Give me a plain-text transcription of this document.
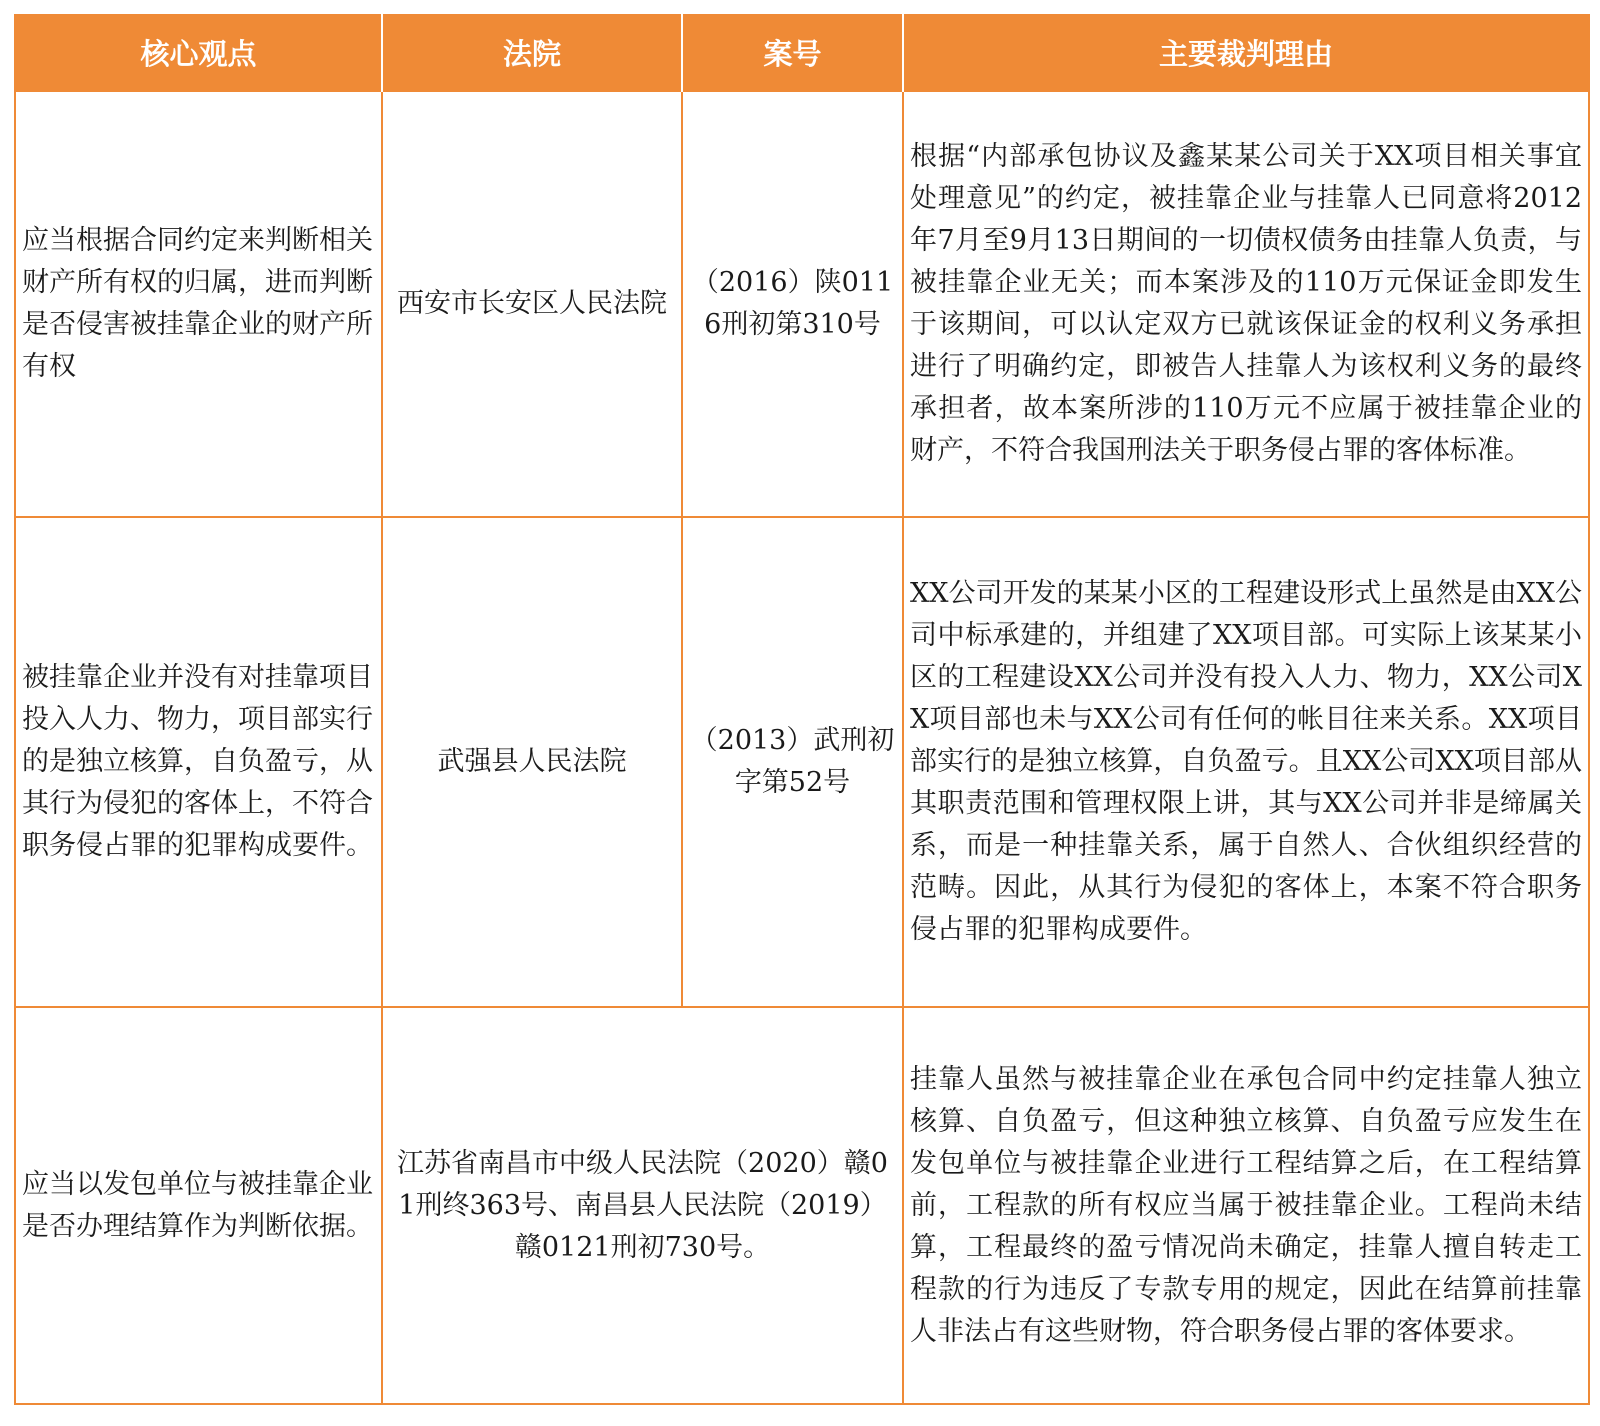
核心观点	法院	案号	主要裁判理由
应当根据合同约定来判断相关财产所有权的归属，进而判断是否侵害被挂靠企业的财产所有权	西安市长安区人民法院	（2016）陕0116刑初第310号	根据“内部承包协议及鑫某某公司关于XX项目相关事宜处理意见”的约定，被挂靠企业与挂靠人已同意将2012年7月至9月13日期间的一切债权债务由挂靠人负责，与被挂靠企业无关；而本案涉及的110万元保证金即发生于该期间，可以认定双方已就该保证金的权利义务承担进行了明确约定，即被告人挂靠人为该权利义务的最终承担者，故本案所涉的110万元不应属于被挂靠企业的财产，不符合我国刑法关于职务侵占罪的客体标准。
被挂靠企业并没有对挂靠项目投入人力、物力，项目部实行的是独立核算，自负盈亏，从其行为侵犯的客体上，不符合职务侵占罪的犯罪构成要件。	武强县人民法院	（2013）武刑初字第52号	XX公司开发的某某小区的工程建设形式上虽然是由XX公司中标承建的，并组建了XX项目部。可实际上该某某小区的工程建设XX公司并没有投入人力、物力，XX公司XX项目部也未与XX公司有任何的帐目往来关系。XX项目部实行的是独立核算，自负盈亏。且XX公司XX项目部从其职责范围和管理权限上讲，其与XX公司并非是缔属关系，而是一种挂靠关系，属于自然人、合伙组织经营的范畴。因此，从其行为侵犯的客体上，本案不符合职务侵占罪的犯罪构成要件。
应当以发包单位与被挂靠企业是否办理结算作为判断依据。	江苏省南昌市中级人民法院（2020）赣01刑终363号、南昌县人民法院（2019）赣0121刑初730号。		挂靠人虽然与被挂靠企业在承包合同中约定挂靠人独立核算、自负盈亏，但这种独立核算、自负盈亏应发生在发包单位与被挂靠企业进行工程结算之后，在工程结算前，工程款的所有权应当属于被挂靠企业。工程尚未结算，工程最终的盈亏情况尚未确定，挂靠人擅自转走工程款的行为违反了专款专用的规定，因此在结算前挂靠人非法占有这些财物，符合职务侵占罪的客体要求。
